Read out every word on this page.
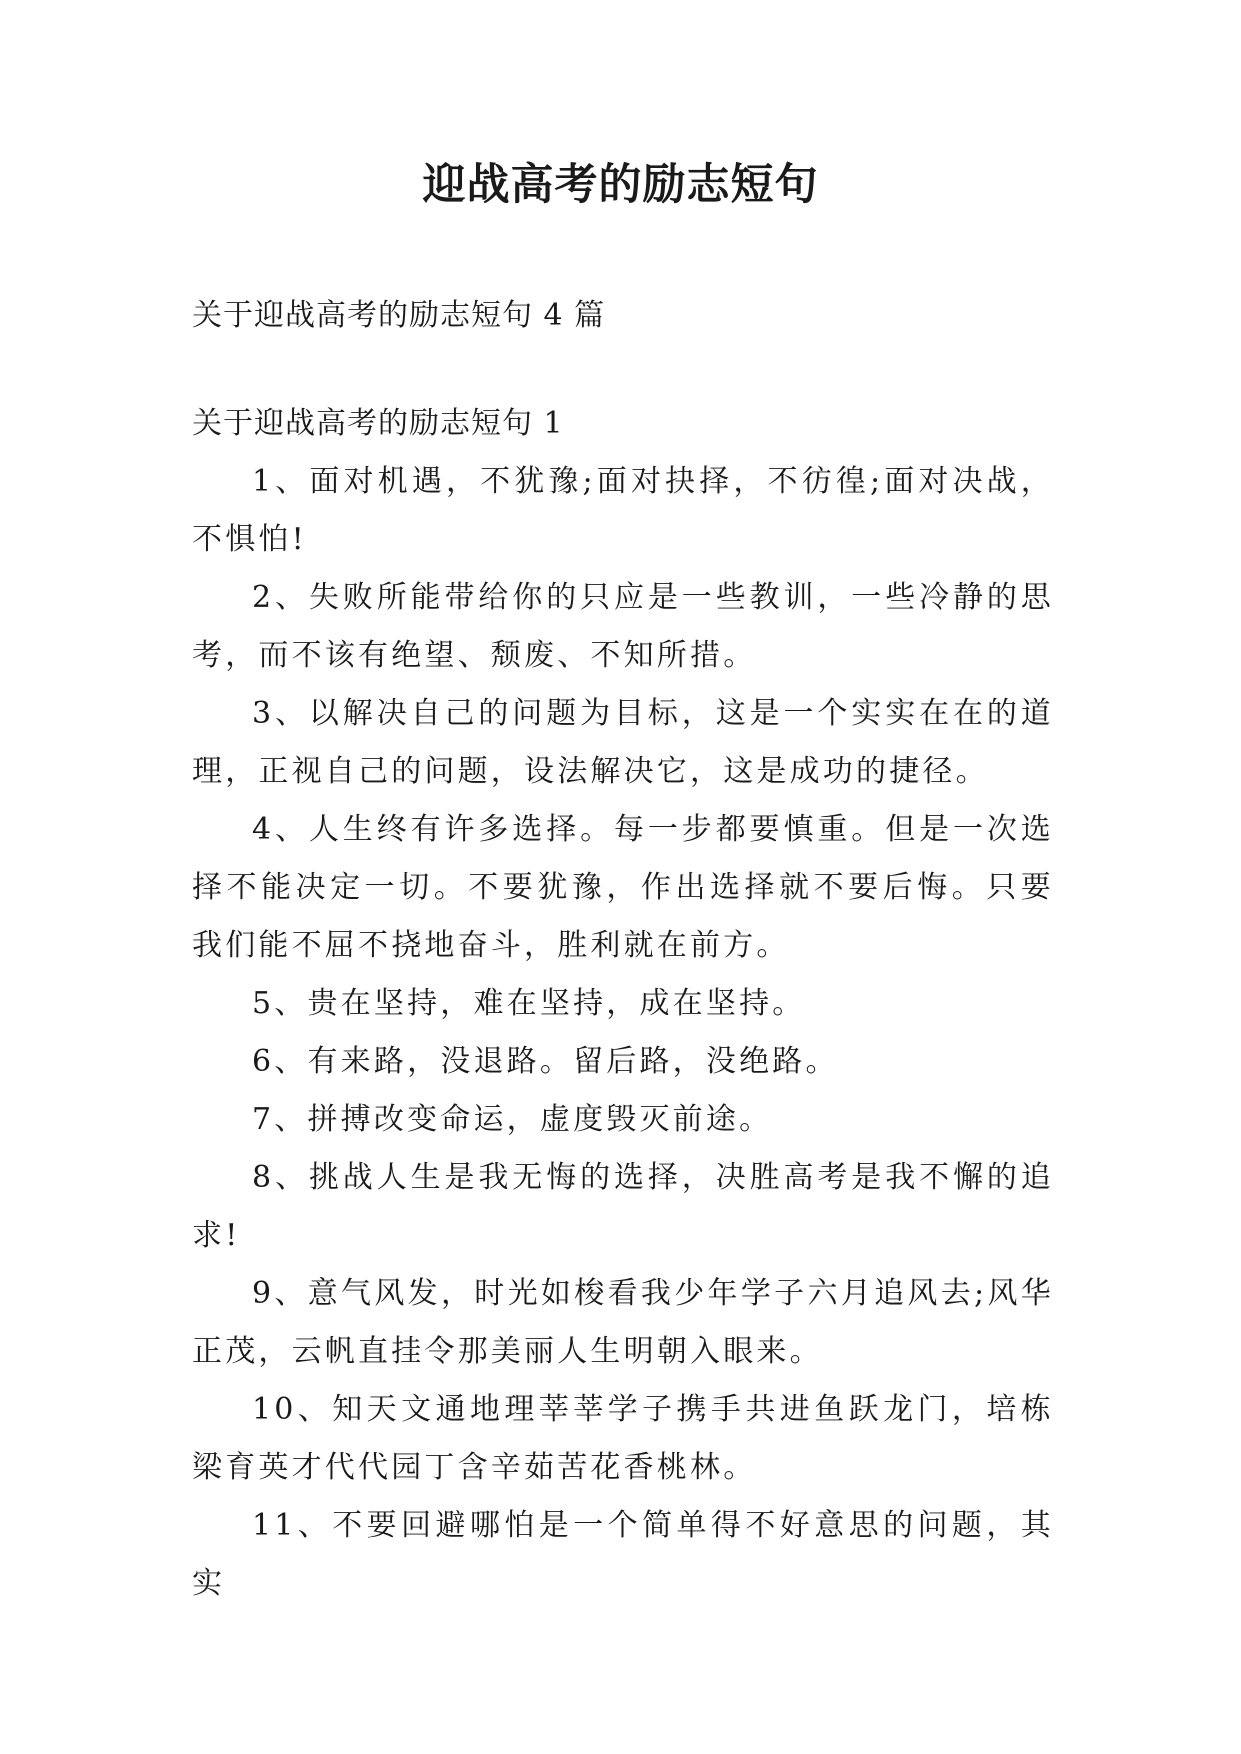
迎战高考的励志短句

关于迎战高考的励志短句 4 篇

关于迎战高考的励志短句 1

1、面对机遇，不犹豫;面对抉择，不彷徨;面对决战，不惧怕!

2、失败所能带给你的只应是一些教训，一些冷静的思考，而不该有绝望、颓废、不知所措。

3、以解决自己的问题为目标，这是一个实实在在的道理，正视自己的问题，设法解决它，这是成功的捷径。

4、人生终有许多选择。每一步都要慎重。但是一次选择不能决定一切。不要犹豫，作出选择就不要后悔。只要我们能不屈不挠地奋斗，胜利就在前方。

5、贵在坚持，难在坚持，成在坚持。

6、有来路，没退路。留后路，没绝路。

7、拼搏改变命运，虚度毁灭前途。

8、挑战人生是我无悔的选择，决胜高考是我不懈的追求!

9、意气风发，时光如梭看我少年学子六月追风去;风华正茂，云帆直挂令那美丽人生明朝入眼来。

10、知天文通地理莘莘学子携手共进鱼跃龙门，培栋梁育英才代代园丁含辛茹苦花香桃林。

11、不要回避哪怕是一个简单得不好意思的问题，其实
